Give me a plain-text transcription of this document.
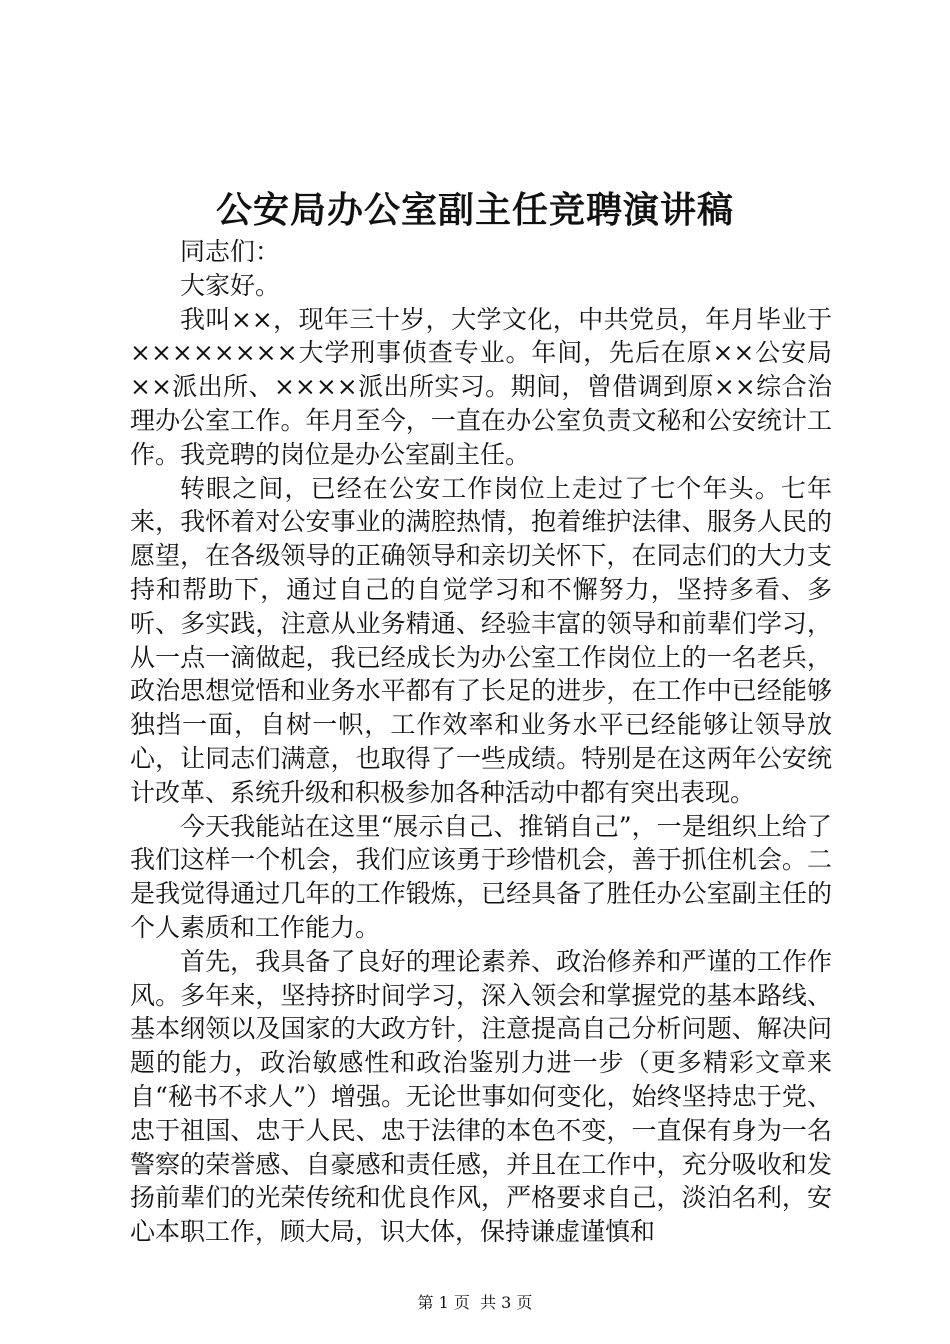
公安局办公室副主任竞聘演讲稿

同志们：

大家好。

我叫××，现年三十岁，大学文化，中共党员，年月毕业于××××××××大学刑事侦查专业。年间，先后在原××公安局××派出所、××××派出所实习。期间，曾借调到原××综合治理办公室工作。年月至今，一直在办公室负责文秘和公安统计工作。我竞聘的岗位是办公室副主任。

转眼之间，已经在公安工作岗位上走过了七个年头。七年来，我怀着对公安事业的满腔热情，抱着维护法律、服务人民的愿望，在各级领导的正确领导和亲切关怀下，在同志们的大力支持和帮助下，通过自己的自觉学习和不懈努力，坚持多看、多听、多实践，注意从业务精通、经验丰富的领导和前辈们学习，从一点一滴做起，我已经成长为办公室工作岗位上的一名老兵，政治思想觉悟和业务水平都有了长足的进步，在工作中已经能够独挡一面，自树一帜，工作效率和业务水平已经能够让领导放心，让同志们满意，也取得了一些成绩。特别是在这两年公安统计改革、系统升级和积极参加各种活动中都有突出表现。

今天我能站在这里“展示自己、推销自己”，一是组织上给了我们这样一个机会，我们应该勇于珍惜机会，善于抓住机会。二是我觉得通过几年的工作锻炼，已经具备了胜任办公室副主任的个人素质和工作能力。

首先，我具备了良好的理论素养、政治修养和严谨的工作作风。多年来，坚持挤时间学习，深入领会和掌握党的基本路线、基本纲领以及国家的大政方针，注意提高自己分析问题、解决问题的能力，政治敏感性和政治鉴别力进一步（更多精彩文章来自“秘书不求人”）增强。无论世事如何变化，始终坚持忠于党、忠于祖国、忠于人民、忠于法律的本色不变，一直保有身为一名警察的荣誉感、自豪感和责任感，并且在工作中，充分吸收和发扬前辈们的光荣传统和优良作风，严格要求自己，淡泊名利，安心本职工作，顾大局，识大体，保持谦虚谨慎和

第 1 页  共 3 页
